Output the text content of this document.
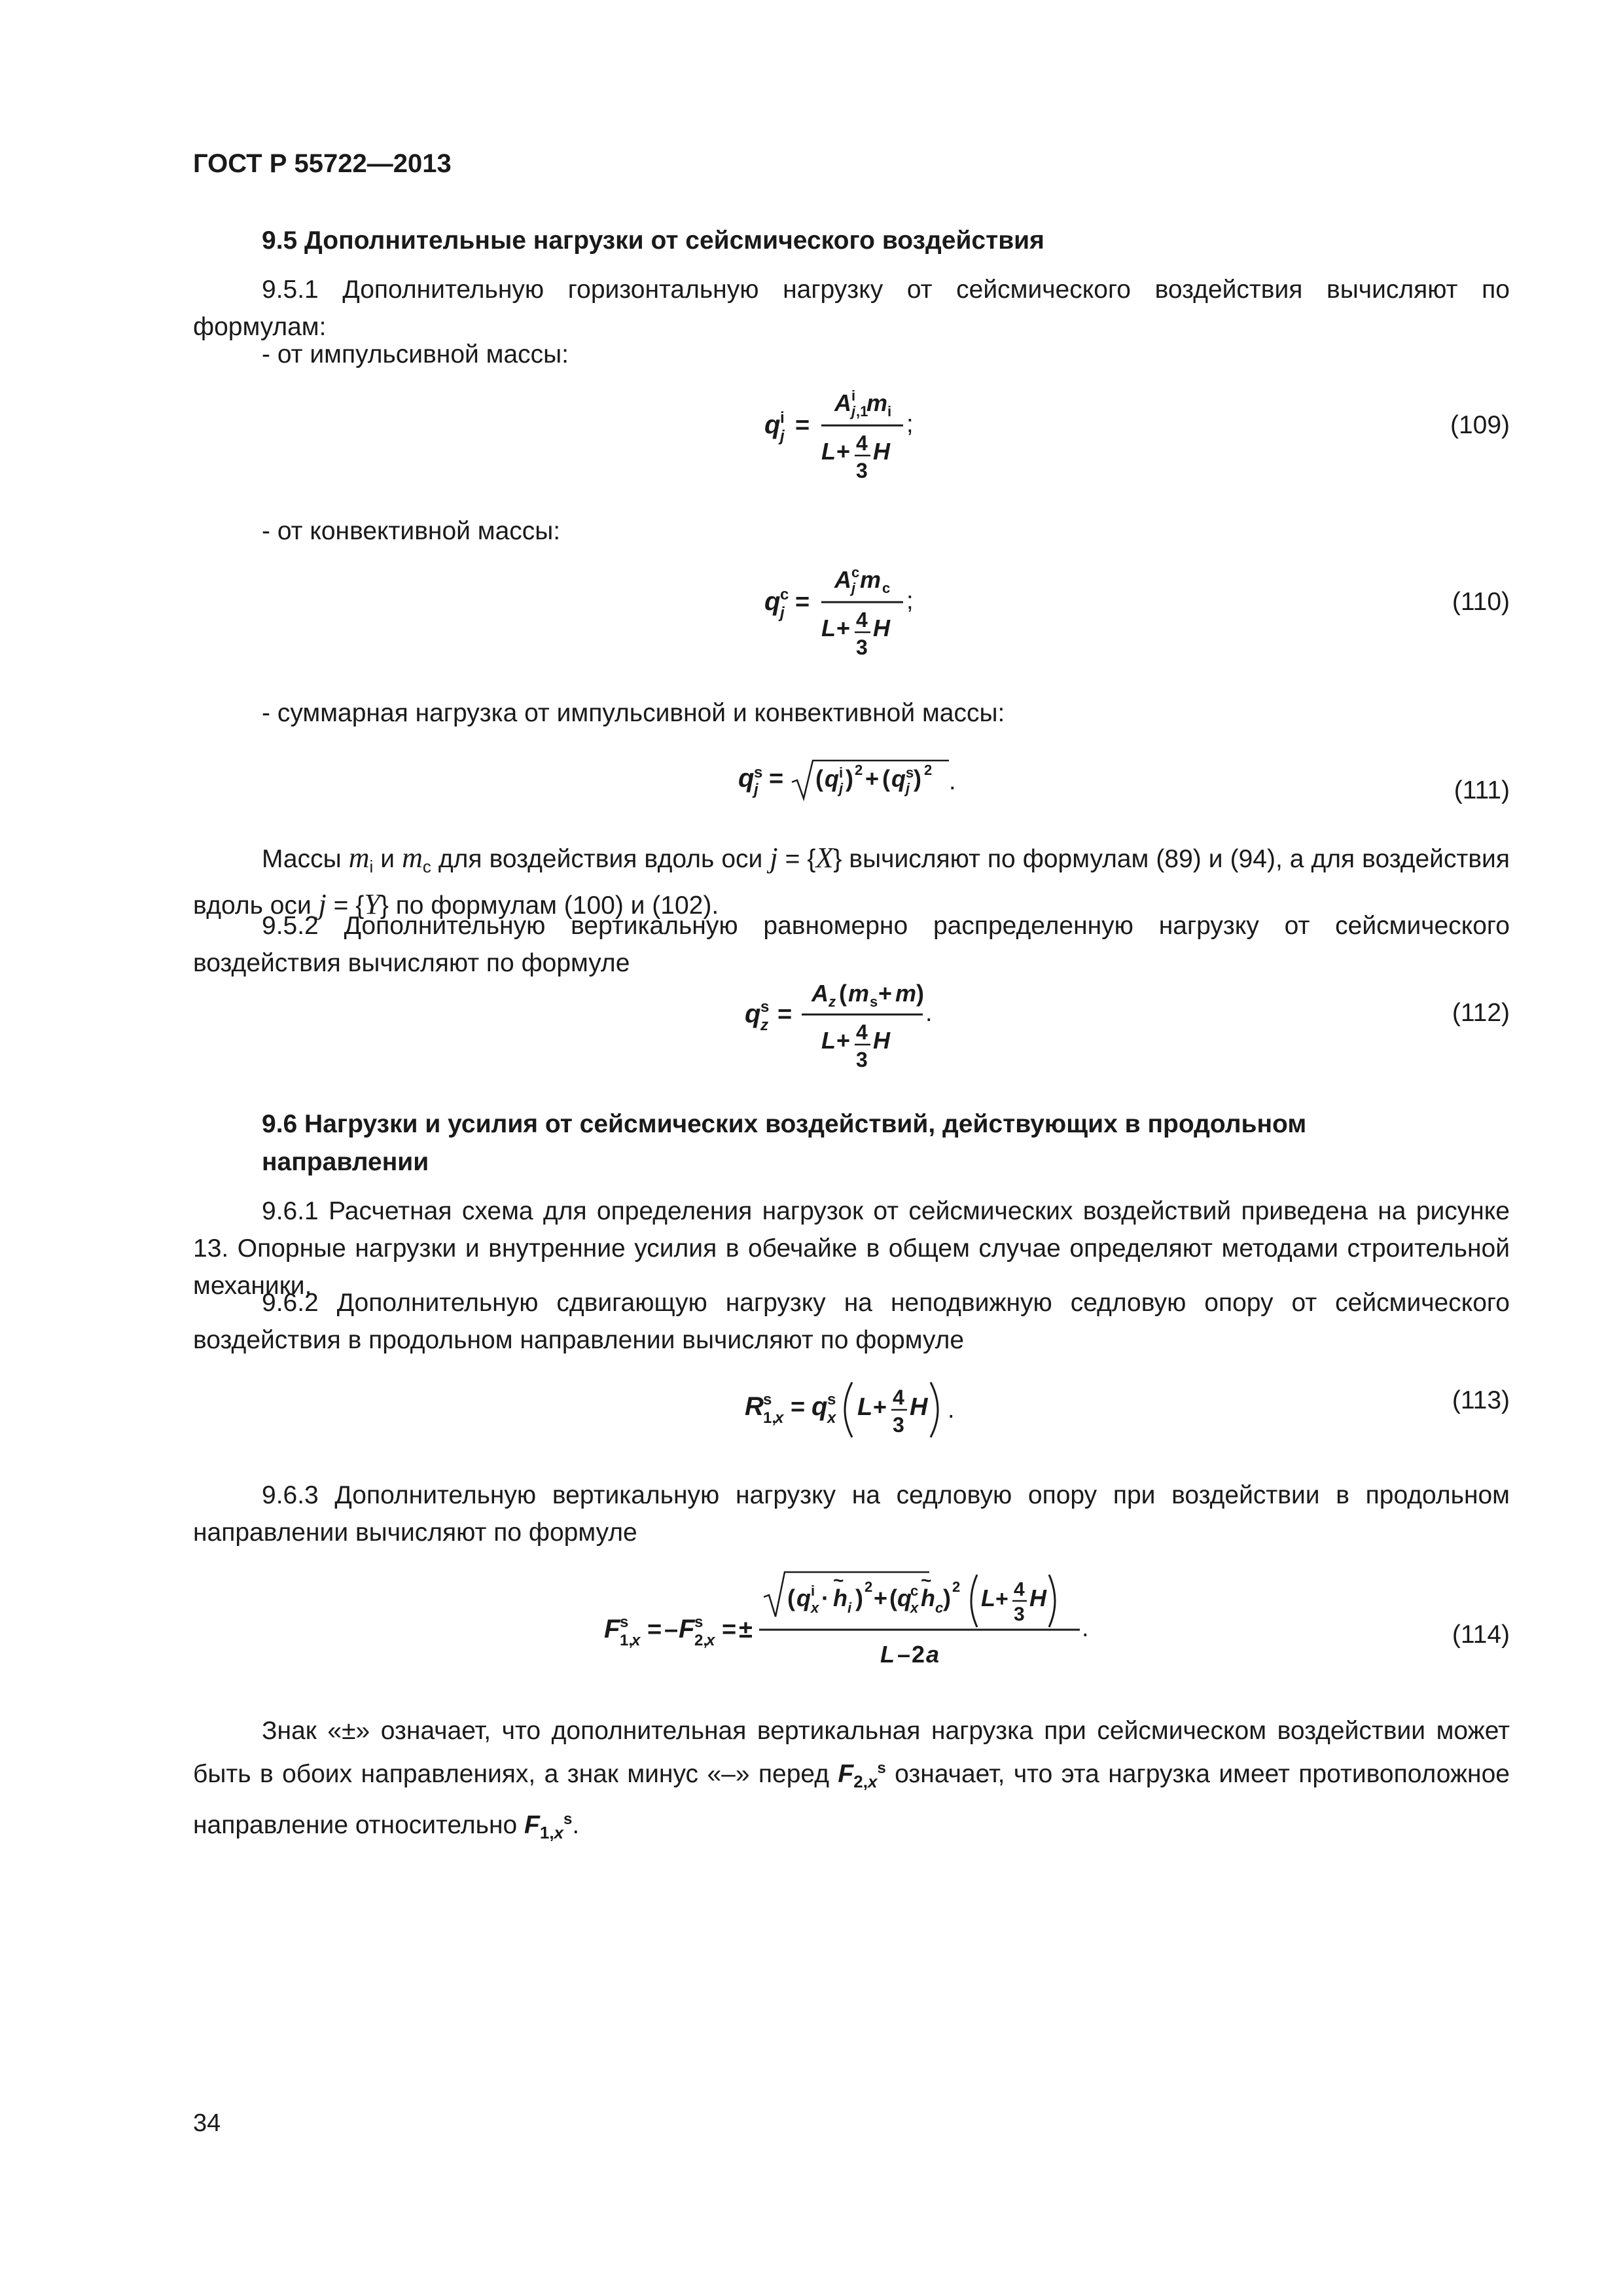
ГОСТ Р 55722—2013
9.5 Дополнительные нагрузки от сейсмического воздействия
9.5.1 Дополнительную горизонтальную нагрузку от сейсмического воздействия вычисляют по формулам:
- от импульсивной массы:
q i
j =
A i
j ,1
m i ;
L + 4
3
H
(109)
- от конвективной массы:
q c
j =
A c
j m c ;
L + 4
3
H
(110)
- суммарная нагрузка от импульсивной и конвективной массы:
q s
j = ( q i
j ) 2 + ( q s
j ) 2 .	(111)
Массы $m_i$ и $m_c$ для воздействия вдоль оси j = {X} вычисляют по формулам (89) и (94), а для воздействия вдоль оси j = {Y} по формулам (100) и (102).
9.5.2 Дополнительную вертикальную равномерно распределенную нагрузку от сейсмического воздействия вычисляют по формуле
q s
z =
A z ( m s + m )
.
L + 4
3
H
(112)
9.6 Нагрузки и усилия от сейсмических воздействий, действующих в продольном
направлении
9.6.1 Расчетная схема для определения нагрузок от сейсмических воздействий приведена на рисунке 13. Опорные нагрузки и внутренние усилия в обечайке в общем случае определяют методами строительной механики.
9.6.2 Дополнительную сдвигающую нагрузку на неподвижную седловую опору от сейсмического воздействия в продольном направлении вычисляют по формуле
R s
1,
x = q s
x L + 4
3
H .	(113)
9.6.3 Дополнительную вертикальную нагрузку на седловую опору при воздействии в продольном направлении вычисляют по формуле
F s
1,
x = – F s
2,
x = ±
( q i
x · h
~
i ) 2 + ( q
c
x h
~
c ) 2 L + 4
3
H
.
L – 2 a
(114)
Знак «±» означает, что дополнительная вертикальная нагрузка при сейсмическом воздействии может быть в обоих направлениях, а знак минус «–» перед $F_{2,x}^s$ означает, что эта нагрузка имеет противоположное направление относительно $F_{1,x}^s$.
34
